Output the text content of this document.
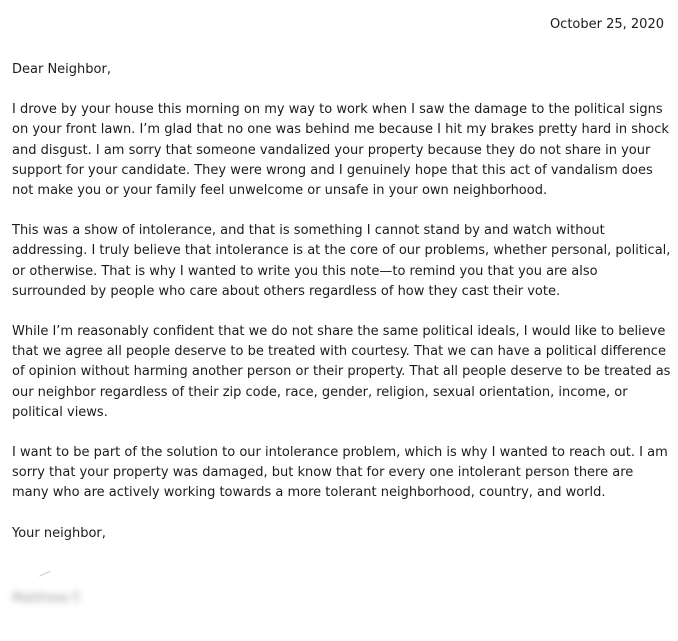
October 25, 2020

Dear Neighbor,

I drove by your house this morning on my way to work when I saw the damage to the political signs on your front lawn. I’m glad that no one was behind me because I hit my brakes pretty hard in shock and disgust. I am sorry that someone vandalized your property because they do not share in your support for your candidate. They were wrong and I genuinely hope that this act of vandalism does not make you or your family feel unwelcome or unsafe in your own neighborhood.

This was a show of intolerance, and that is something I cannot stand by and watch without addressing. I truly believe that intolerance is at the core of our problems, whether personal, political, or otherwise. That is why I wanted to write you this note—to remind you that you are also surrounded by people who care about others regardless of how they cast their vote.

While I’m reasonably confident that we do not share the same political ideals, I would like to believe that we agree all people deserve to be treated with courtesy. That we can have a political difference of opinion without harming another person or their property. That all people deserve to be treated as our neighbor regardless of their zip code, race, gender, religion, sexual orientation, income, or political views.

I want to be part of the solution to our intolerance problem, which is why I wanted to reach out. I am sorry that your property was damaged, but know that for every one intolerant person there are many who are actively working towards a more tolerant neighborhood, country, and world.

Your neighbor,

Matthew F.
